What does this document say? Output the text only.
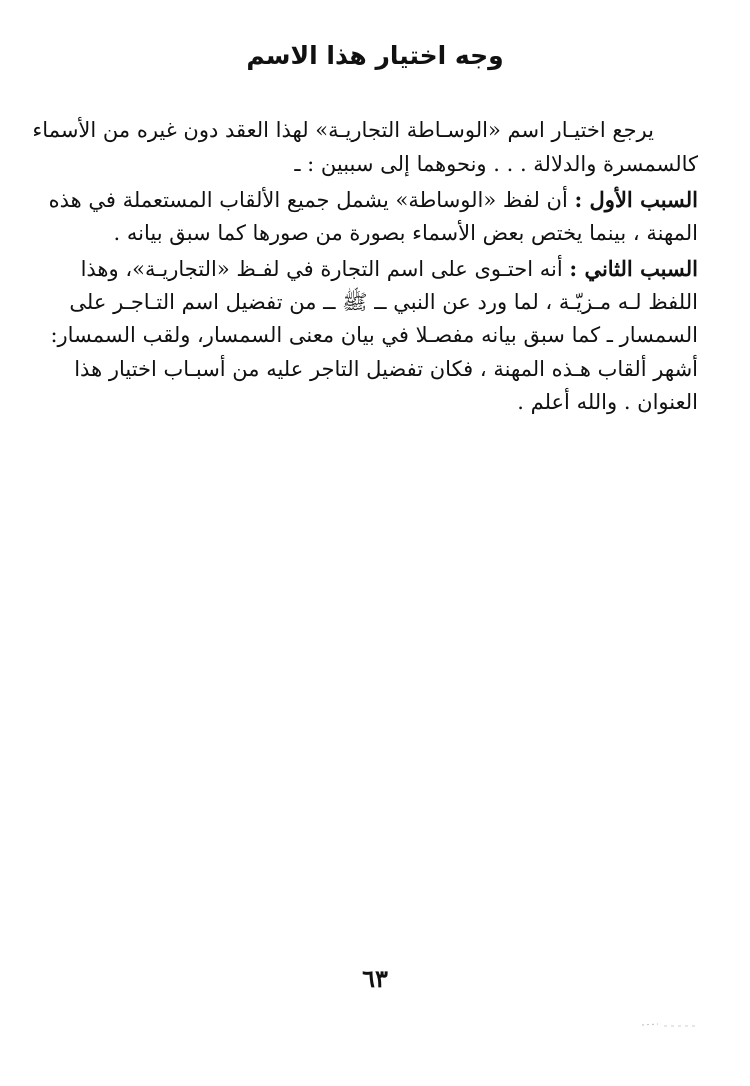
وجه اختيار هذا الاسم
يرجع اختيـار اسم «الوسـاطة التجاريـة» لهذا العقد دون غيره من الأسماء
كالسمسرة والدلالة . . . ونحوهما إلى سببين : ـ
السبب الأول : أن لفظ «الوساطة» يشمل جميع الألقاب المستعملة في هذه
المهنة ، بينما يختص بعض الأسماء بصورة من صورها كما سبق بيانه .
السبب الثاني : أنه احتـوى على اسم التجارة في لفـظ «التجاريـة»، وهذا
اللفظ لـه مـزيّـة ، لما ورد عن النبي ــ ﷺ ــ من تفضيل اسم التـاجـر على
السمسار ـ كما سبق بيانه مفصـلا في بيان معنى السمسار، ولقب السمسار:
أشهر ألقاب هـذه المهنة ، فكان تفضيل التاجر عليه من أسبـاب اختيار هذا
العنوان . والله أعلم .
٦٣
